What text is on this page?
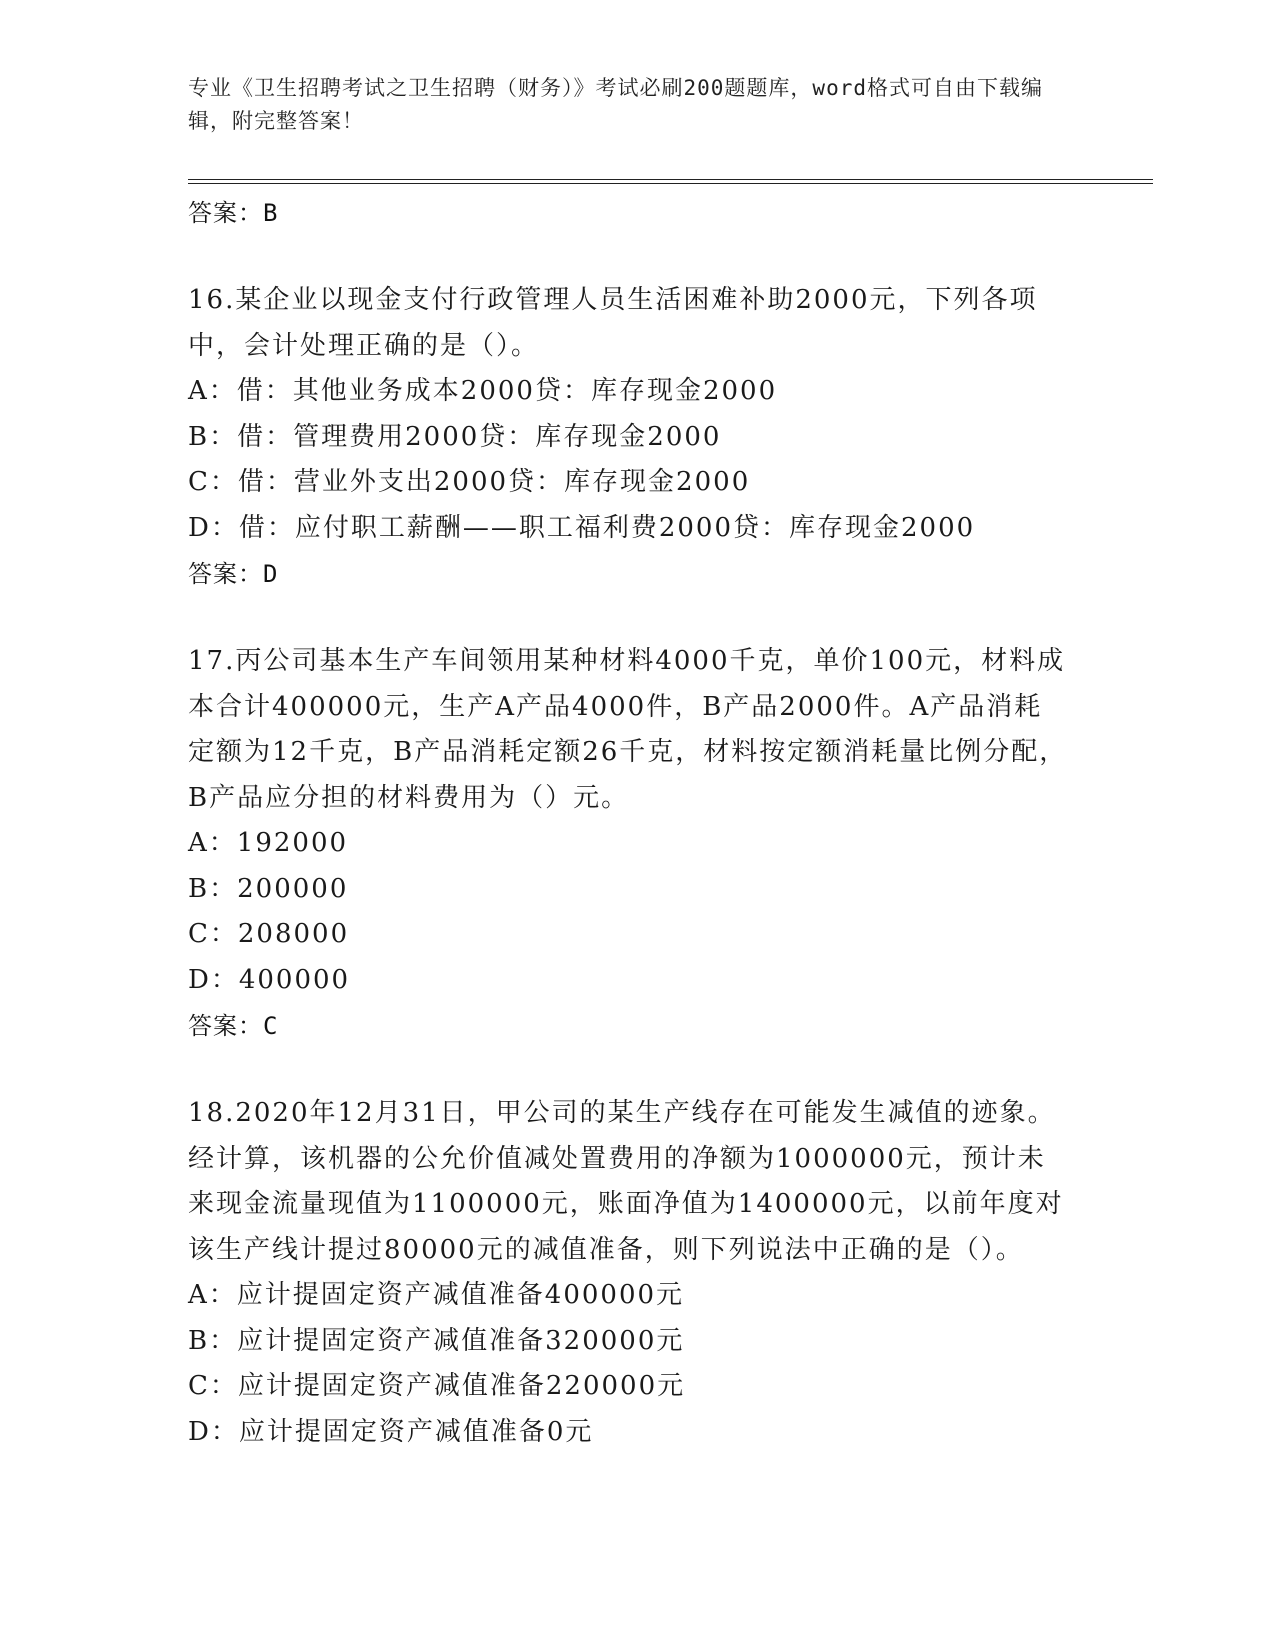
专业《卫生招聘考试之卫生招聘（财务）》考试必刷200题题库，word格式可自由下载编辑，附完整答案！

答案：B

16.某企业以现金支付行政管理人员生活困难补助2000元，下列各项中，会计处理正确的是（）。

A：借：其他业务成本2000贷：库存现金2000

B：借：管理费用2000贷：库存现金2000

C：借：营业外支出2000贷：库存现金2000

D：借：应付职工薪酬——职工福利费2000贷：库存现金2000

答案：D

17.丙公司基本生产车间领用某种材料4000千克，单价100元，材料成本合计400000元，生产A产品4000件，B产品2000件。A产品消耗定额为12千克，B产品消耗定额26千克，材料按定额消耗量比例分配，B产品应分担的材料费用为（）元。

A：192000

B：200000

C：208000

D：400000

答案：C

18.2020年12月31日，甲公司的某生产线存在可能发生减值的迹象。经计算，该机器的公允价值减处置费用的净额为1000000元，预计未来现金流量现值为1100000元，账面净值为1400000元，以前年度对该生产线计提过80000元的减值准备，则下列说法中正确的是（）。

A：应计提固定资产减值准备400000元

B：应计提固定资产减值准备320000元

C：应计提固定资产减值准备220000元

D：应计提固定资产减值准备0元
